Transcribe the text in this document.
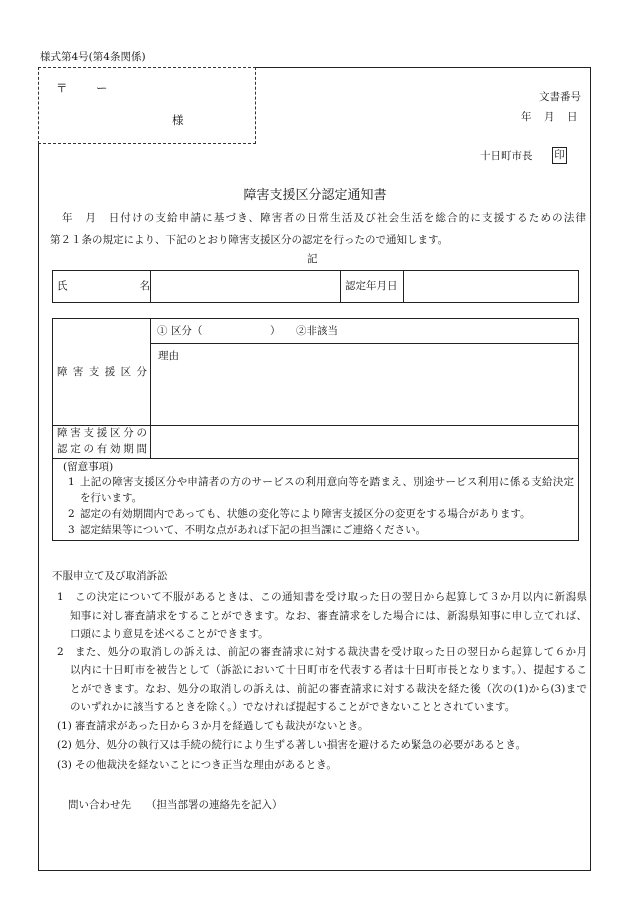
様式第4号(第4条関係)
〒 ー
様
文書番号
年　月　日
十日町市長 印
障害支援区分認定通知書
年　月　日付けの支給申請に基づき、障害者の日常生活及び社会生活を総合的に支援するための法律
第２１条の規定により、下記のとおり障害支援区分の認定を行ったので通知します。
記
氏名	認定年月日
障害支援区分
① 区分（	） ②非該当
理由
障害支援区分の
認定の有効期間
(留意事項)
1 上記の障害支援区分や申請者の方のサービスの利用意向等を踏まえ、別途サービス利用に係る支給決定
を行います。
2 認定の有効期間内であっても、状態の変化等により障害支援区分の変更をする場合があります。
3 認定結果等について、不明な点があれば下記の担当課にご連絡ください。
不服申立て及び取消訴訟
1 この決定について不服があるときは、この通知書を受け取った日の翌日から起算して３か月以内に新潟県
知事に対し審査請求をすることができます。なお、審査請求をした場合には、新潟県知事に申し立てれば、
口頭により意見を述べることができます。
2 また、処分の取消しの訴えは、前記の審査請求に対する裁決書を受け取った日の翌日から起算して６か月
以内に十日町市を被告として（訴訟において十日町市を代表する者は十日町市長となります。）、提起するこ
とができます。なお、処分の取消しの訴えは、前記の審査請求に対する裁決を経た後（次の(1)から(3)まで
のいずれかに該当するときを除く。）でなければ提起することができないこととされています。
(1) 審査請求があった日から３か月を経過しても裁決がないとき。
(2) 処分、処分の執行又は手続の続行により生ずる著しい損害を避けるため緊急の必要があるとき。
(3) その他裁決を経ないことにつき正当な理由があるとき。
問い合わせ先 （担当部署の連絡先を記入）
